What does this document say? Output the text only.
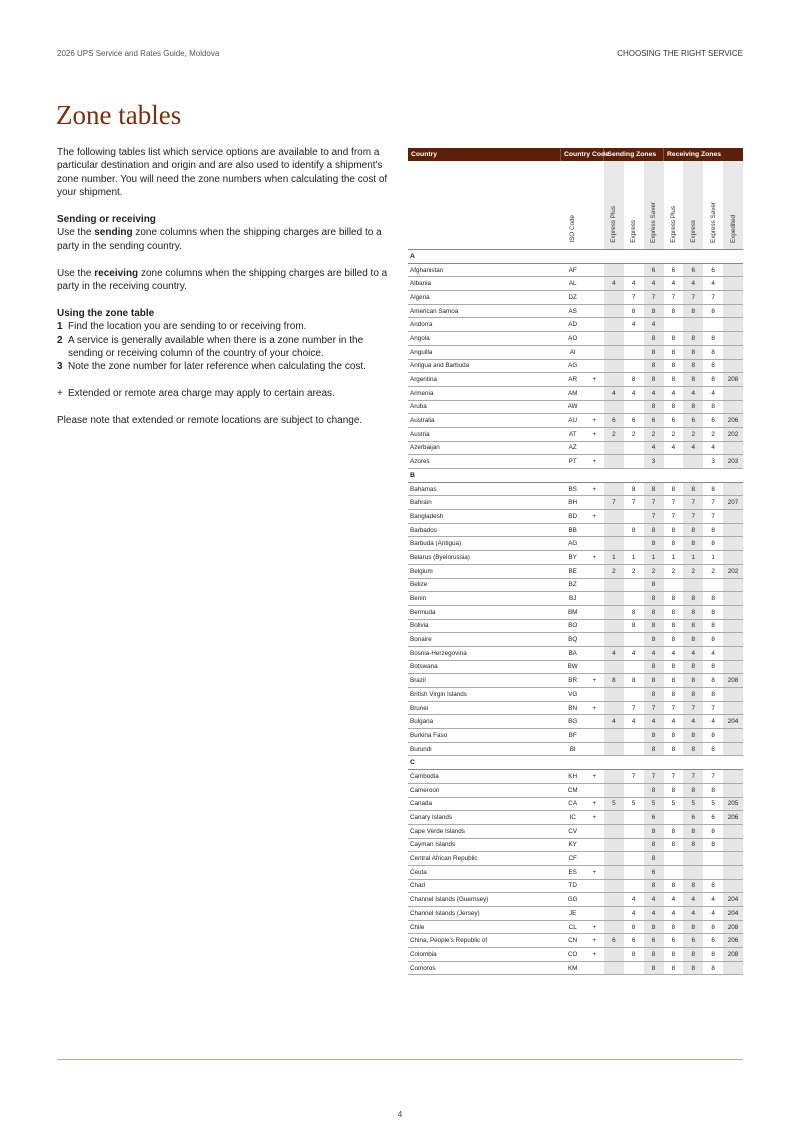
2026 UPS Service and Rates Guide, Moldova	CHOOSING THE RIGHT SERVICE
Zone tables

The following tables list which service options are available to and from a particular destination and origin and are also used to identify a shipment's zone number. You will need the zone numbers when calculating the cost of your shipment.

Sending or receiving

Use the sending zone columns when the shipping charges are billed to a party in the sending country.

Use the receiving zone columns when the shipping charges are billed to a party in the receiving country.

Using the zone table

1 Find the location you are sending to or receiving from.
2 A service is generally available when there is a zone number in the sending or receiving column of the country of your choice.
3 Note the zone number for later reference when calculating the cost.
+ Extended or remote area charge may apply to certain areas.

Please note that extended or remote locations are subject to change.

Country	Country Code		Sending Zones			Receiving Zones			
	ISO Code		Express Plus	Express	Express Saver	Express Plus	Express	Express Saver	Expedited
A									
Afghanistan	AF				6	6	6	6	
Albania	AL		4	4	4	4	4	4	
Algeria	DZ			7	7	7	7	7	
American Samoa	AS			8	8	8	8	8	
Andorra	AD			4	4				
Angola	AO				8	8	8	8	
Anguilla	AI				8	8	8	8	
Antigua and Barbuda	AG				8	8	8	8	
Argentina	AR	+		8	8	8	8	8	208
Armenia	AM		4	4	4	4	4	4	
Aruba	AW				8	8	8	8	
Australia	AU	+	6	6	6	6	6	6	206
Austria	AT	+	2	2	2	2	2	2	202
Azerbaijan	AZ				4	4	4	4	
Azores	PT	+			3			3	203
B									
Bahamas	BS	+		8	8	8	8	8	
Bahrain	BH		7	7	7	7	7	7	207
Bangladesh	BD	+			7	7	7	7	
Barbados	BB			8	8	8	8	8	
Barbuda (Antigua)	AG				8	8	8	8	
Belarus (Byelorussia)	BY	+	1	1	1	1	1	1	
Belgium	BE		2	2	2	2	2	2	202
Belize	BZ				8				
Benin	BJ				8	8	8	8	
Bermuda	BM			8	8	8	8	8	
Bolivia	BO			8	8	8	8	8	
Bonaire	BQ				8	8	8	8	
Bosnia-Herzegovina	BA		4	4	4	4	4	4	
Botswana	BW				8	8	8	8	
Brazil	BR	+	8	8	8	8	8	8	208
British Virgin Islands	VG				8	8	8	8	
Brunei	BN	+		7	7	7	7	7	
Bulgaria	BG		4	4	4	4	4	4	204
Burkina Faso	BF				8	8	8	8	
Burundi	BI				8	8	8	8	
C									
Cambodia	KH	+		7	7	7	7	7	
Cameroon	CM				8	8	8	8	
Canada	CA	+	5	5	5	5	5	5	205
Canary Islands	IC	+			6		6	6	206
Cape Verde Islands	CV				8	8	8	8	
Cayman Islands	KY				8	8	8	8	
Central African Republic	CF				8				
Ceuta	ES	+			6				
Chad	TD				8	8	8	8	
Channel Islands (Guernsey)	GG			4	4	4	4	4	204
Channel Islands (Jersey)	JE			4	4	4	4	4	204
Chile	CL	+		8	8	8	8	8	208
China, People's Republic of	CN	+	6	6	6	6	6	6	206
Colombia	CO	+		8	8	8	8	8	208
Comoros	KM				8	8	8	8	
4
